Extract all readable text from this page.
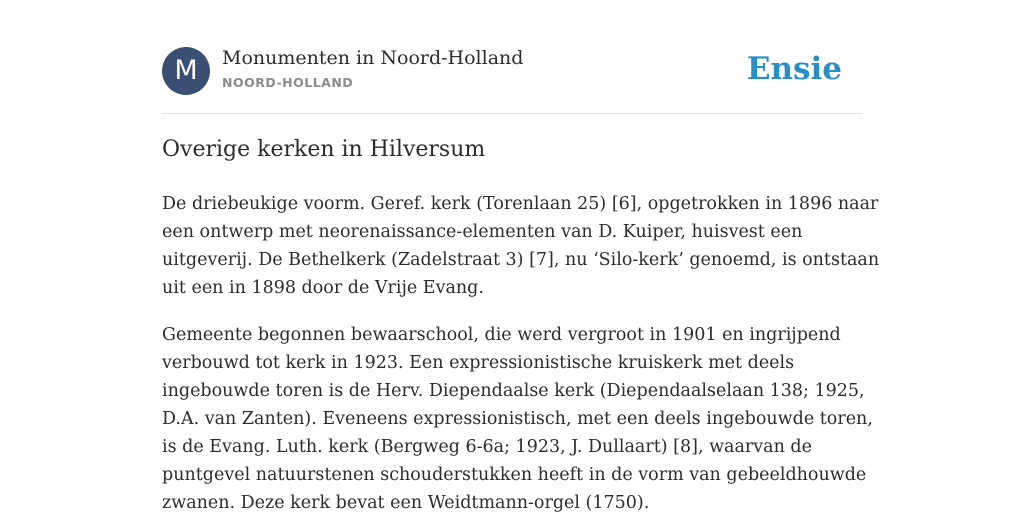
M	Monumenten in Noord-Holland
NOORD-HOLLAND	Ensie
Overige kerken in Hilversum

De driebeukige voorm. Geref. kerk (Torenlaan 25) [6], opgetrokken in 1896 naar
een ontwerp met neorenaissance-elementen van D. Kuiper, huisvest een
uitgeverij. De Bethelkerk (Zadelstraat 3) [7], nu ‘Silo-kerk’ genoemd, is ontstaan
uit een in 1898 door de Vrije Evang.

Gemeente begonnen bewaarschool, die werd vergroot in 1901 en ingrijpend
verbouwd tot kerk in 1923. Een expressionistische kruiskerk met deels
ingebouwde toren is de Herv. Diependaalse kerk (Diependaalselaan 138; 1925,
D.A. van Zanten). Eveneens expressionistisch, met een deels ingebouwde toren,
is de Evang. Luth. kerk (Bergweg 6-6a; 1923, J. Dullaart) [8], waarvan de
puntgevel natuurstenen schouderstukken heeft in de vorm van gebeeldhouwde
zwanen. Deze kerk bevat een Weidtmann-orgel (1750).
